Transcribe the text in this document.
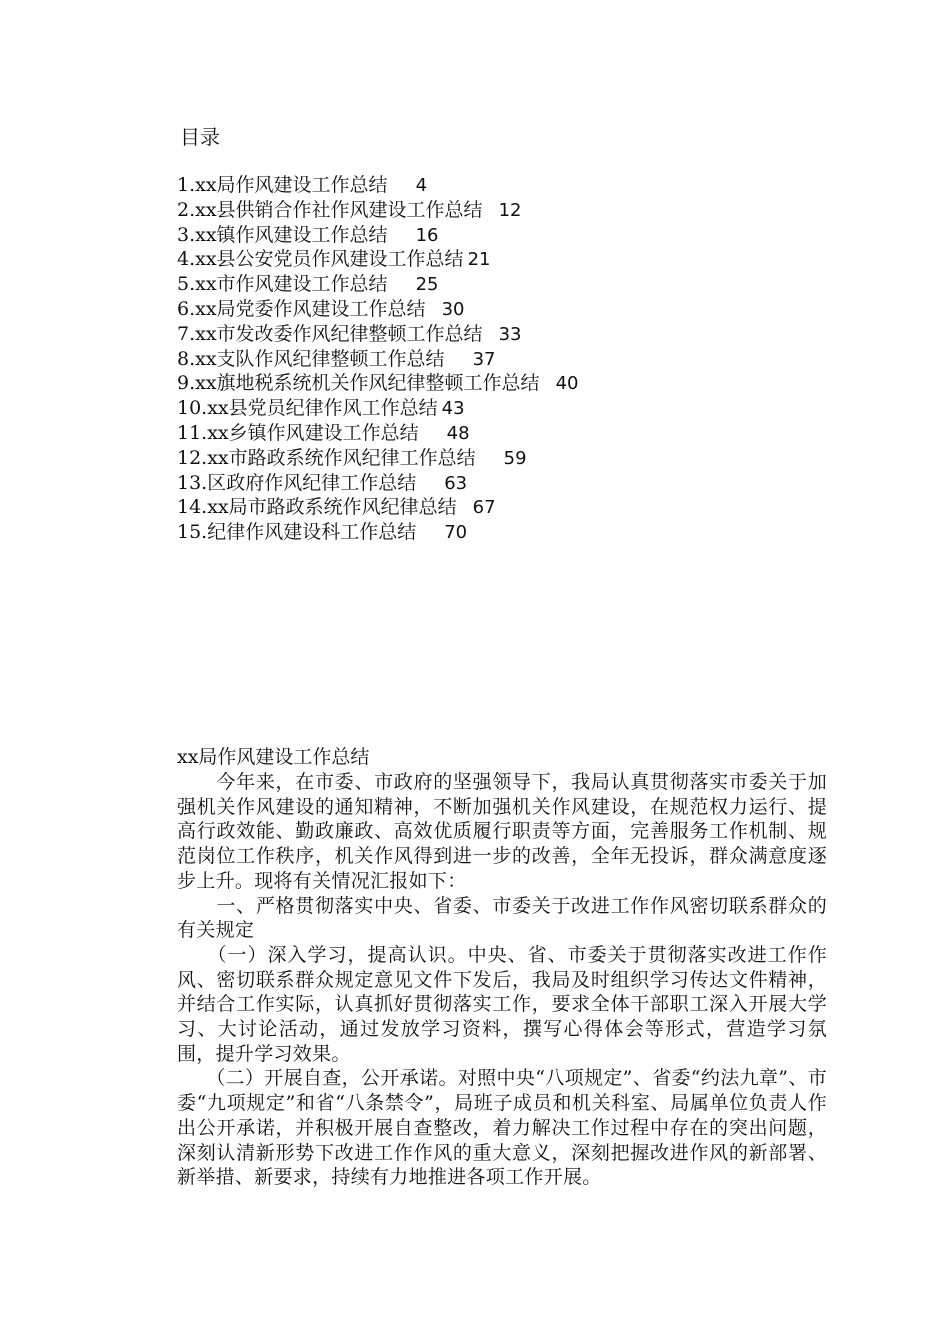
目录
1.xx局作风建设工作总结 4
2.xx县供销合作社作风建设工作总结 12
3.xx镇作风建设工作总结 16
4.xx县公安党员作风建设工作总结 21
5.xx市作风建设工作总结 25
6.xx局党委作风建设工作总结 30
7.xx市发改委作风纪律整顿工作总结 33
8.xx支队作风纪律整顿工作总结 37
9.xx旗地税系统机关作风纪律整顿工作总结 40
10.xx县党员纪律作风工作总结 43
11.xx乡镇作风建设工作总结 48
12.xx市路政系统作风纪律工作总结 59
13.区政府作风纪律工作总结 63
14.xx局市路政系统作风纪律总结 67
15.纪律作风建设科工作总结 70
xx局作风建设工作总结

　　今年来，在市委、市政府的坚强领导下，我局认真贯彻落实市委关于加强机关作风建设的通知精神，不断加强机关作风建设，在规范权力运行、提高行政效能、勤政廉政、高效优质履行职责等方面，完善服务工作机制、规范岗位工作秩序，机关作风得到进一步的改善，全年无投诉，群众满意度逐步上升。现将有关情况汇报如下：

　　一、严格贯彻落实中央、省委、市委关于改进工作作风密切联系群众的有关规定

　　（一）深入学习，提高认识。中央、省、市委关于贯彻落实改进工作作风、密切联系群众规定意见文件下发后，我局及时组织学习传达文件精神，并结合工作实际，认真抓好贯彻落实工作，要求全体干部职工深入开展大学习、大讨论活动，通过发放学习资料，撰写心得体会等形式，营造学习氛围，提升学习效果。

　　（二）开展自查，公开承诺。对照中央“八项规定”、省委“约法九章”、市委“九项规定”和省“八条禁令”，局班子成员和机关科室、局属单位负责人作出公开承诺，并积极开展自查整改，着力解决工作过程中存在的突出问题，深刻认清新形势下改进工作作风的重大意义，深刻把握改进作风的新部署、新举措、新要求，持续有力地推进各项工作开展。
